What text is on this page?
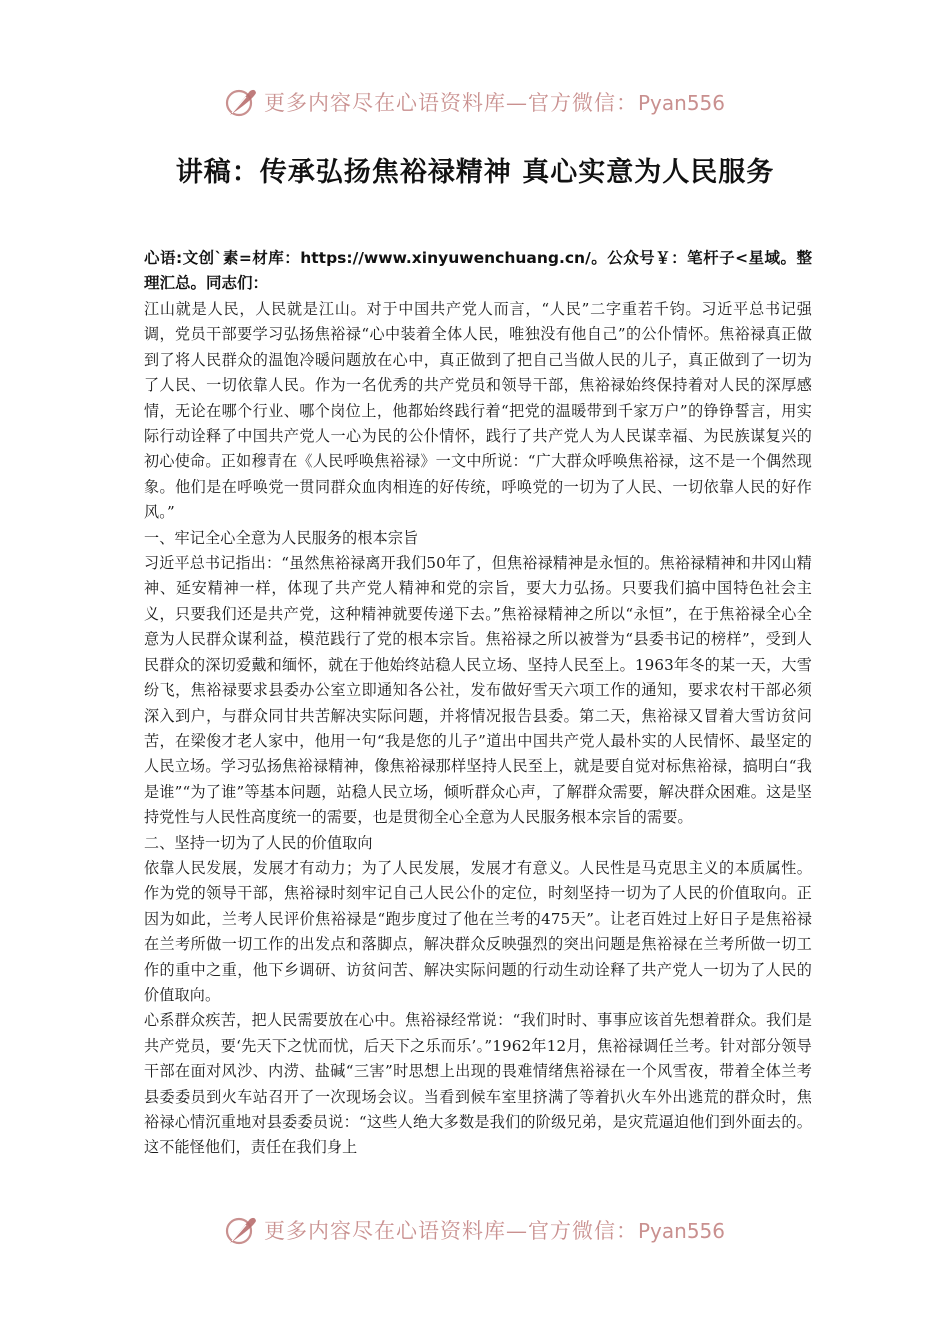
更多内容尽在心语资料库—官方微信：Pyan556
讲稿：传承弘扬焦裕禄精神 真心实意为人民服务

心语:文创`素=材库：https://www.xinyuwenchuang.cn/。公众号￥：笔杆子<星域。整理汇总。同志们：

江山就是人民，人民就是江山。对于中国共产党人而言，“人民”二字重若千钧。习近平总书记强调，党员干部要学习弘扬焦裕禄“心中装着全体人民，唯独没有他自己”的公仆情怀。焦裕禄真正做到了将人民群众的温饱冷暖问题放在心中，真正做到了把自己当做人民的儿子，真正做到了一切为了人民、一切依靠人民。作为一名优秀的共产党员和领导干部，焦裕禄始终保持着对人民的深厚感情，无论在哪个行业、哪个岗位上，他都始终践行着“把党的温暖带到千家万户”的铮铮誓言，用实际行动诠释了中国共产党人一心为民的公仆情怀，践行了共产党人为人民谋幸福、为民族谋复兴的初心使命。正如穆青在《人民呼唤焦裕禄》一文中所说：“广大群众呼唤焦裕禄，这不是一个偶然现象。他们是在呼唤党一贯同群众血肉相连的好传统，呼唤党的一切为了人民、一切依靠人民的好作风。”

一、牢记全心全意为人民服务的根本宗旨

习近平总书记指出：“虽然焦裕禄离开我们50年了，但焦裕禄精神是永恒的。焦裕禄精神和井冈山精神、延安精神一样，体现了共产党人精神和党的宗旨，要大力弘扬。只要我们搞中国特色社会主义，只要我们还是共产党，这种精神就要传递下去。”焦裕禄精神之所以“永恒”，在于焦裕禄全心全意为人民群众谋利益，模范践行了党的根本宗旨。焦裕禄之所以被誉为“县委书记的榜样”，受到人民群众的深切爱戴和缅怀，就在于他始终站稳人民立场、坚持人民至上。1963年冬的某一天，大雪纷飞，焦裕禄要求县委办公室立即通知各公社，发布做好雪天六项工作的通知，要求农村干部必须深入到户，与群众同甘共苦解决实际问题，并将情况报告县委。第二天，焦裕禄又冒着大雪访贫问苦，在梁俊才老人家中，他用一句“我是您的儿子”道出中国共产党人最朴实的人民情怀、最坚定的人民立场。学习弘扬焦裕禄精神，像焦裕禄那样坚持人民至上，就是要自觉对标焦裕禄，搞明白“我是谁”“为了谁”等基本问题，站稳人民立场，倾听群众心声，了解群众需要，解决群众困难。这是坚持党性与人民性高度统一的需要，也是贯彻全心全意为人民服务根本宗旨的需要。

二、坚持一切为了人民的价值取向

依靠人民发展，发展才有动力；为了人民发展，发展才有意义。人民性是马克思主义的本质属性。作为党的领导干部，焦裕禄时刻牢记自己人民公仆的定位，时刻坚持一切为了人民的价值取向。正因为如此，兰考人民评价焦裕禄是“跑步度过了他在兰考的475天”。让老百姓过上好日子是焦裕禄在兰考所做一切工作的出发点和落脚点，解决群众反映强烈的突出问题是焦裕禄在兰考所做一切工作的重中之重，他下乡调研、访贫问苦、解决实际问题的行动生动诠释了共产党人一切为了人民的价值取向。

心系群众疾苦，把人民需要放在心中。焦裕禄经常说：“我们时时、事事应该首先想着群众。我们是共产党员，要‘先天下之忧而忧，后天下之乐而乐’。”1962年12月，焦裕禄调任兰考。针对部分领导干部在面对风沙、内涝、盐碱“三害”时思想上出现的畏难情绪焦裕禄在一个风雪夜，带着全体兰考县委委员到火车站召开了一次现场会议。当看到候车室里挤满了等着扒火车外出逃荒的群众时，焦裕禄心情沉重地对县委委员说：“这些人绝大多数是我们的阶级兄弟，是灾荒逼迫他们到外面去的。这不能怪他们，责任在我们身上

更多内容尽在心语资料库—官方微信：Pyan556
